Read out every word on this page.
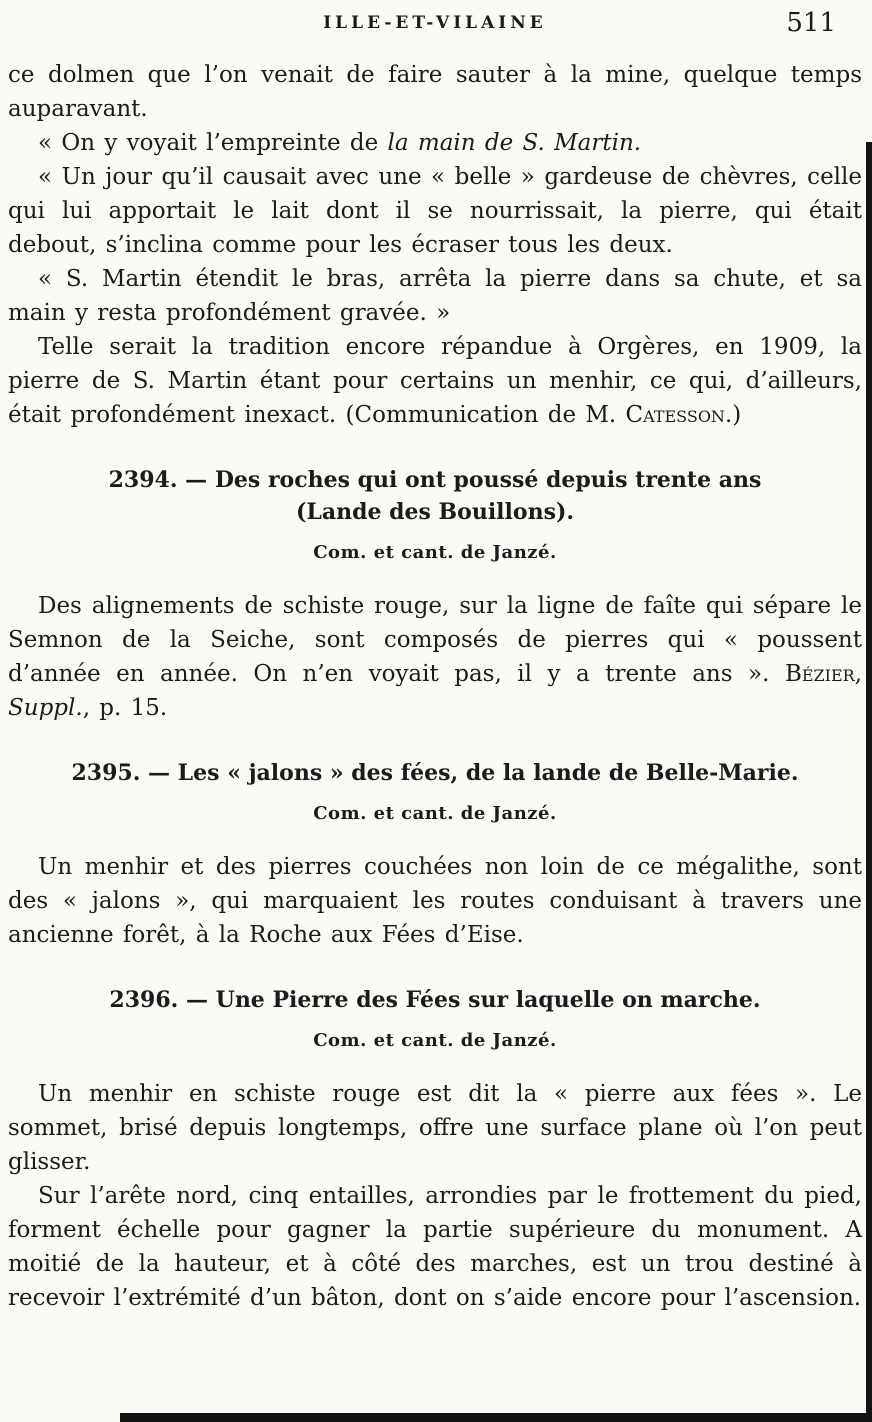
ILLE-ET-VILAINE	511

ce dolmen que l’on venait de faire sauter à la mine, quelque temps auparavant.

« On y voyait l’empreinte de la main de S. Martin.

« Un jour qu’il causait avec une « belle » gardeuse de chèvres, celle qui lui apportait le lait dont il se nourrissait, la pierre, qui était debout, s’inclina comme pour les écraser tous les deux.

« S. Martin étendit le bras, arrêta la pierre dans sa chute, et sa main y resta profondément gravée. »

Telle serait la tradition encore répandue à Orgères, en 1909, la pierre de S. Martin étant pour certains un menhir, ce qui, d’ailleurs, était profondément inexact. (Communication de M. Catesson.)

2394. — Des roches qui ont poussé depuis trente ans
(Lande des Bouillons).
Com. et cant. de Janzé.

Des alignements de schiste rouge, sur la ligne de faîte qui sépare le Semnon de la Seiche, sont composés de pierres qui « poussent d’année en année. On n’en voyait pas, il y a trente ans ». Bézier, Suppl., p. 15.

2395. — Les « jalons » des fées, de la lande de Belle-Marie.
Com. et cant. de Janzé.

Un menhir et des pierres couchées non loin de ce mégalithe, sont des « jalons », qui marquaient les routes conduisant à travers une ancienne forêt, à la Roche aux Fées d’Eise.

2396. — Une Pierre des Fées sur laquelle on marche.
Com. et cant. de Janzé.

Un menhir en schiste rouge est dit la « pierre aux fées ». Le sommet, brisé depuis longtemps, offre une surface plane où l’on peut glisser.

Sur l’arête nord, cinq entailles, arrondies par le frottement du pied, forment échelle pour gagner la partie supérieure du monument. A moitié de la hauteur, et à côté des marches, est un trou destiné à recevoir l’extrémité d’un bâton, dont on s’aide encore pour l’ascension.
